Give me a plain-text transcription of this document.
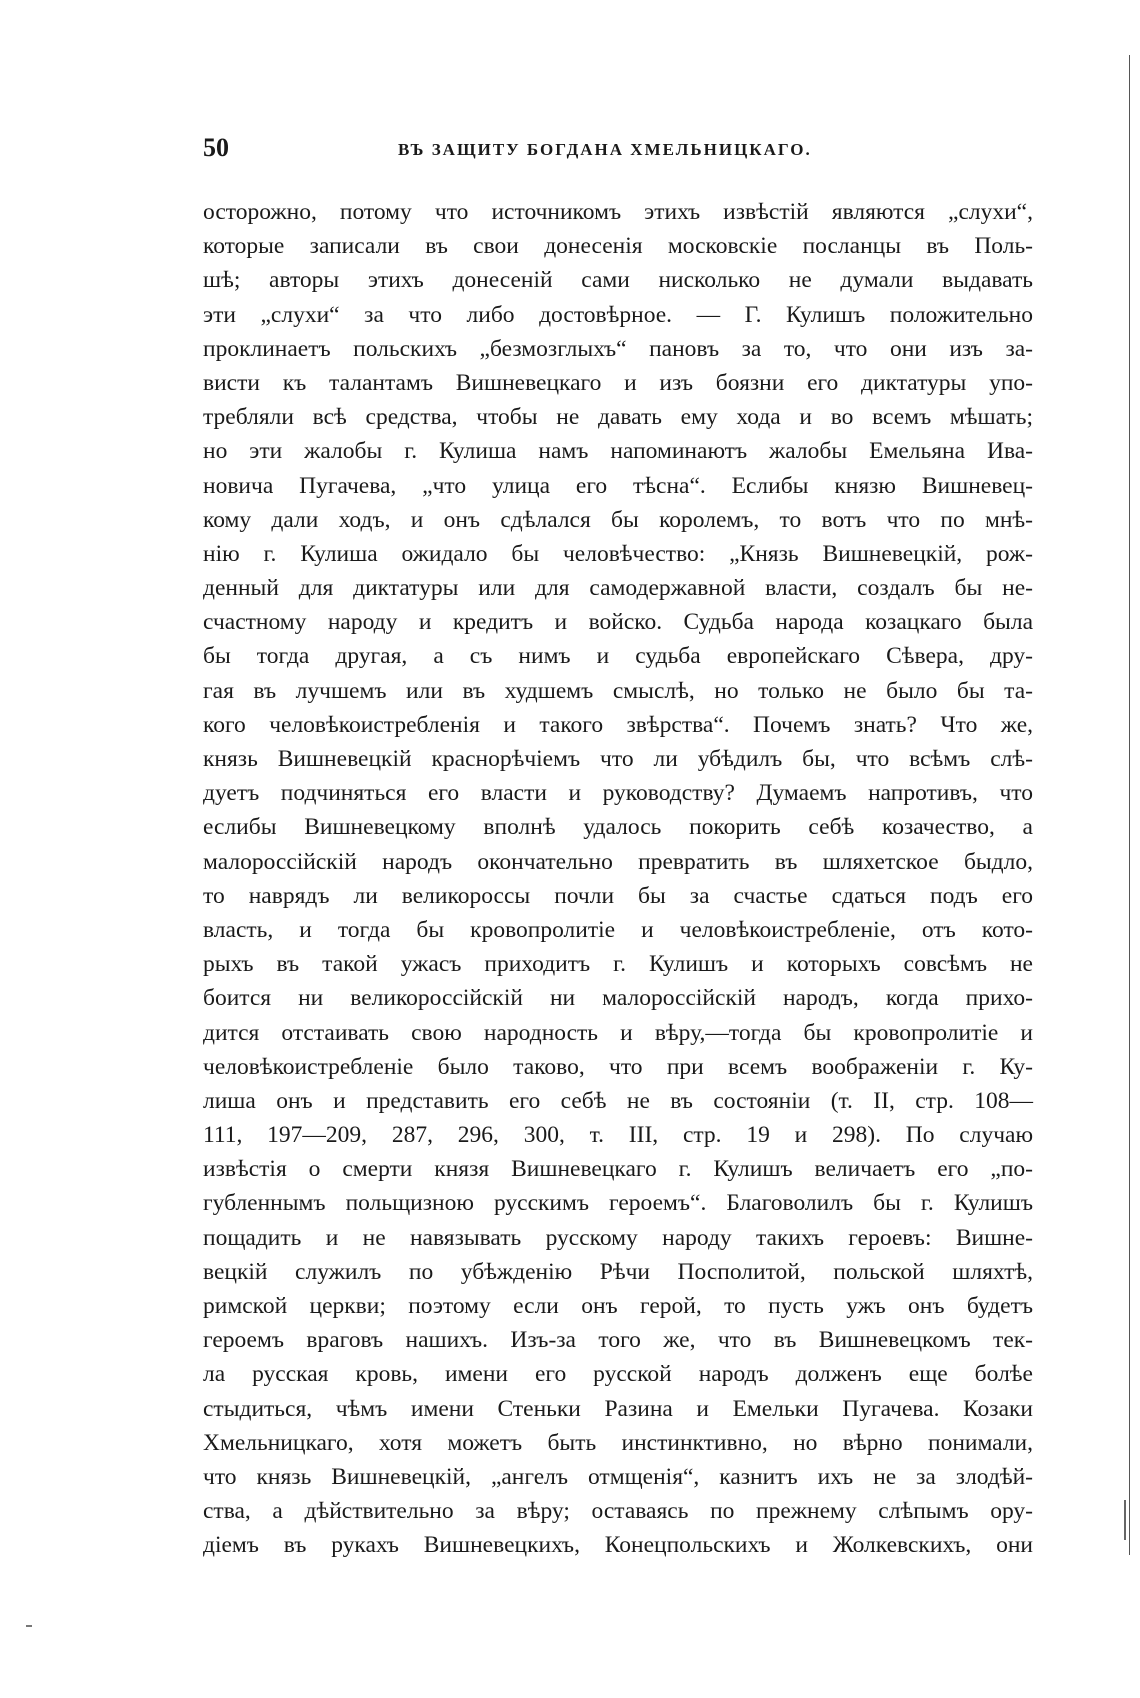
50	ВЪ ЗАЩИТУ БОГДАНА ХМЕЛЬНИЦКАГО.
осторожно, потому что источникомъ этихъ извѣстій являются „слухи“,
которые записали въ свои донесенія московскіе посланцы въ Поль-
шѣ; авторы этихъ донесеній сами нисколько не думали выдавать
эти „слухи“ за что либо достовѣрное. — Г. Кулишъ положительно
проклинаетъ польскихъ „безмозглыхъ“ пановъ за то, что они изъ за-
висти къ талантамъ Вишневецкаго и изъ боязни его диктатуры упо-
требляли всѣ средства, чтобы не давать ему хода и во всемъ мѣшать;
но эти жалобы г. Кулиша намъ напоминаютъ жалобы Емельяна Ива-
новича Пугачева, „что улица его тѣсна“. Еслибы князю Вишневец-
кому дали ходъ, и онъ сдѣлался бы королемъ, то вотъ что по мнѣ-
нію г. Кулиша ожидало бы человѣчество: „Князь Вишневецкій, рож-
денный для диктатуры или для самодержавной власти, создалъ бы не-
счастному народу и кредитъ и войско. Судьба народа козацкаго была
бы тогда другая, а съ нимъ и судьба европейскаго Сѣвера, дру-
гая въ лучшемъ или въ худшемъ смыслѣ, но только не было бы та-
кого человѣкоистребленія и такого звѣрства“. Почемъ знать? Что же,
князь Вишневецкій краснорѣчіемъ что ли убѣдилъ бы, что всѣмъ слѣ-
дуетъ подчиняться его власти и руководству? Думаемъ напротивъ, что
еслибы Вишневецкому вполнѣ удалось покорить себѣ козачество, а
малороссійскій народъ окончательно превратить въ шляхетское быдло,
то наврядъ ли великороссы почли бы за счастье сдаться подъ его
власть, и тогда бы кровопролитіе и человѣкоистребленіе, отъ кото-
рыхъ въ такой ужасъ приходитъ г. Кулишъ и которыхъ совсѣмъ не
боится ни великороссійскій ни малороссійскій народъ, когда прихо-
дится отстаивать свою народность и вѣру,—тогда бы кровопролитіе и
человѣкоистребленіе было таково, что при всемъ воображеніи г. Ку-
лиша онъ и представить его себѣ не въ состояніи (т. II, стр. 108—
111, 197—209, 287, 296, 300, т. III, стр. 19 и 298). По случаю
извѣстія о смерти князя Вишневецкаго г. Кулишъ величаетъ его „по-
губленнымъ польщизною русскимъ героемъ“. Благоволилъ бы г. Кулишъ
пощадить и не навязывать русскому народу такихъ героевъ: Вишне-
вецкій служилъ по убѣжденію Рѣчи Посполитой, польской шляхтѣ,
римской церкви; поэтому если онъ герой, то пусть ужъ онъ будетъ
героемъ враговъ нашихъ. Изъ-за того же, что въ Вишневецкомъ тек-
ла русская кровь, имени его русской народъ долженъ еще болѣе
стыдиться, чѣмъ имени Стеньки Разина и Емельки Пугачева. Козаки
Хмельницкаго, хотя можетъ быть инстинктивно, но вѣрно понимали,
что князь Вишневецкій, „ангелъ отмщенія“, казнитъ ихъ не за злодѣй-
ства, а дѣйствительно за вѣру; оставаясь по прежнему слѣпымъ ору-
діемъ въ рукахъ Вишневецкихъ, Конецпольскихъ и Жолкевскихъ, они
